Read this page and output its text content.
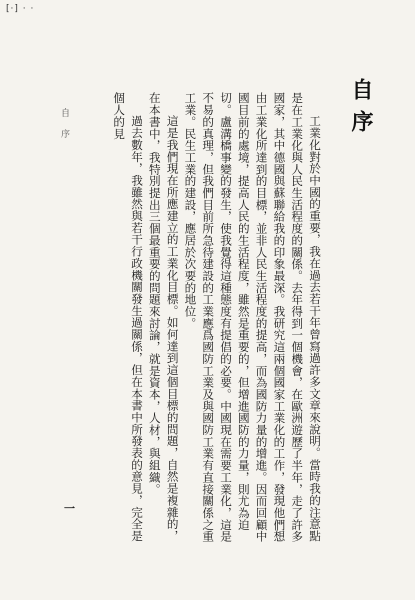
[·] · ·
自序

工業化對於中國的重要，我在過去若干年曾寫過許多文章來說明。當時我的注意點是在工業化與人民生活程度的關係。去年得到一個機會，在歐洲遊歷了半年，走了許多國家，其中德國與蘇聯給我的印象最深。我研究這兩個國家工業化的工作，發現他們想由工業化所達到的目標，並非人民生活程度的提高，而為國防力量的增進。因而回顧中國目前的處境，提高人民的生活程度，雖然是重要的，但增進國防的力量，則尤為迫切。盧溝橋事變的發生，使我覺得這種態度有提倡的必要。中國現在需要工業化，這是不易的真理，但我們目前所急待建設的工業應爲國防工業及與國防工業有直接關係之重工業。民生工業的建設，應居於次要的地位。

這是我們現在所應建立的工業化目標。如何達到這個目標的問題，自然是複雜的，在本書中，我特別提出三個最重要的問題來討論，就是資本，人材，與組織。

過去數年，我雖然與若干行政機關發生過關係，但在本書中所發表的意見，完全是個人的見

自序
一
